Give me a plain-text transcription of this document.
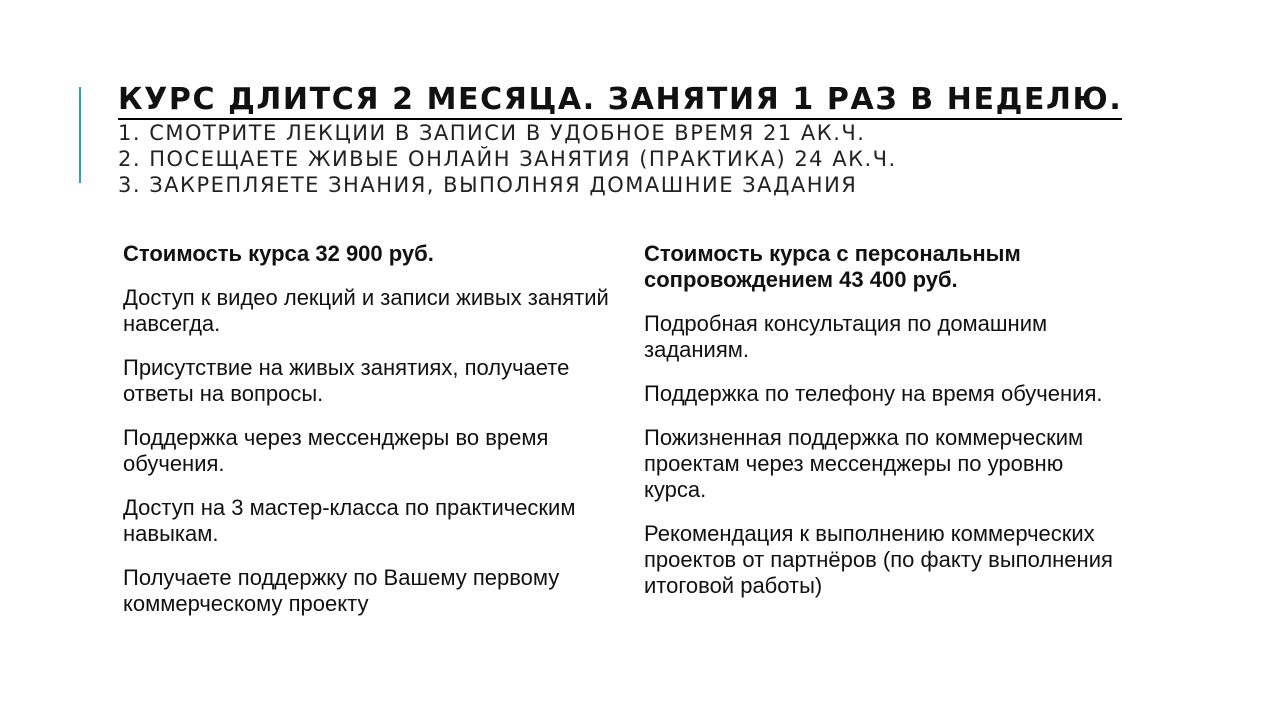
КУРС ДЛИТСЯ 2 МЕСЯЦА. ЗАНЯТИЯ 1 РАЗ В НЕДЕЛЮ.
1. СМОТРИТЕ ЛЕКЦИИ В ЗАПИСИ В УДОБНОЕ ВРЕМЯ 21 АК.Ч.
2. ПОСЕЩАЕТЕ ЖИВЫЕ ОНЛАЙН ЗАНЯТИЯ (ПРАКТИКА) 24 АК.Ч.
3. ЗАКРЕПЛЯЕТЕ ЗНАНИЯ, ВЫПОЛНЯЯ ДОМАШНИЕ ЗАДАНИЯ

Стоимость курса 32 900 руб.

Доступ к видео лекций и записи живых занятий навсегда.

Присутствие на живых занятиях, получаете ответы на вопросы.

Поддержка через мессенджеры во время обучения.

Доступ на 3 мастер-класса по практическим навыкам.

Получаете поддержку по Вашему первому коммерческому проекту

Стоимость курса с персональным сопровождением 43 400 руб.

Подробная консультация по домашним заданиям.

Поддержка по телефону на время обучения.

Пожизненная поддержка по коммерческим проектам через мессенджеры по уровню курса.

Рекомендация к выполнению коммерческих проектов от партнёров (по факту выполнения итоговой работы)
